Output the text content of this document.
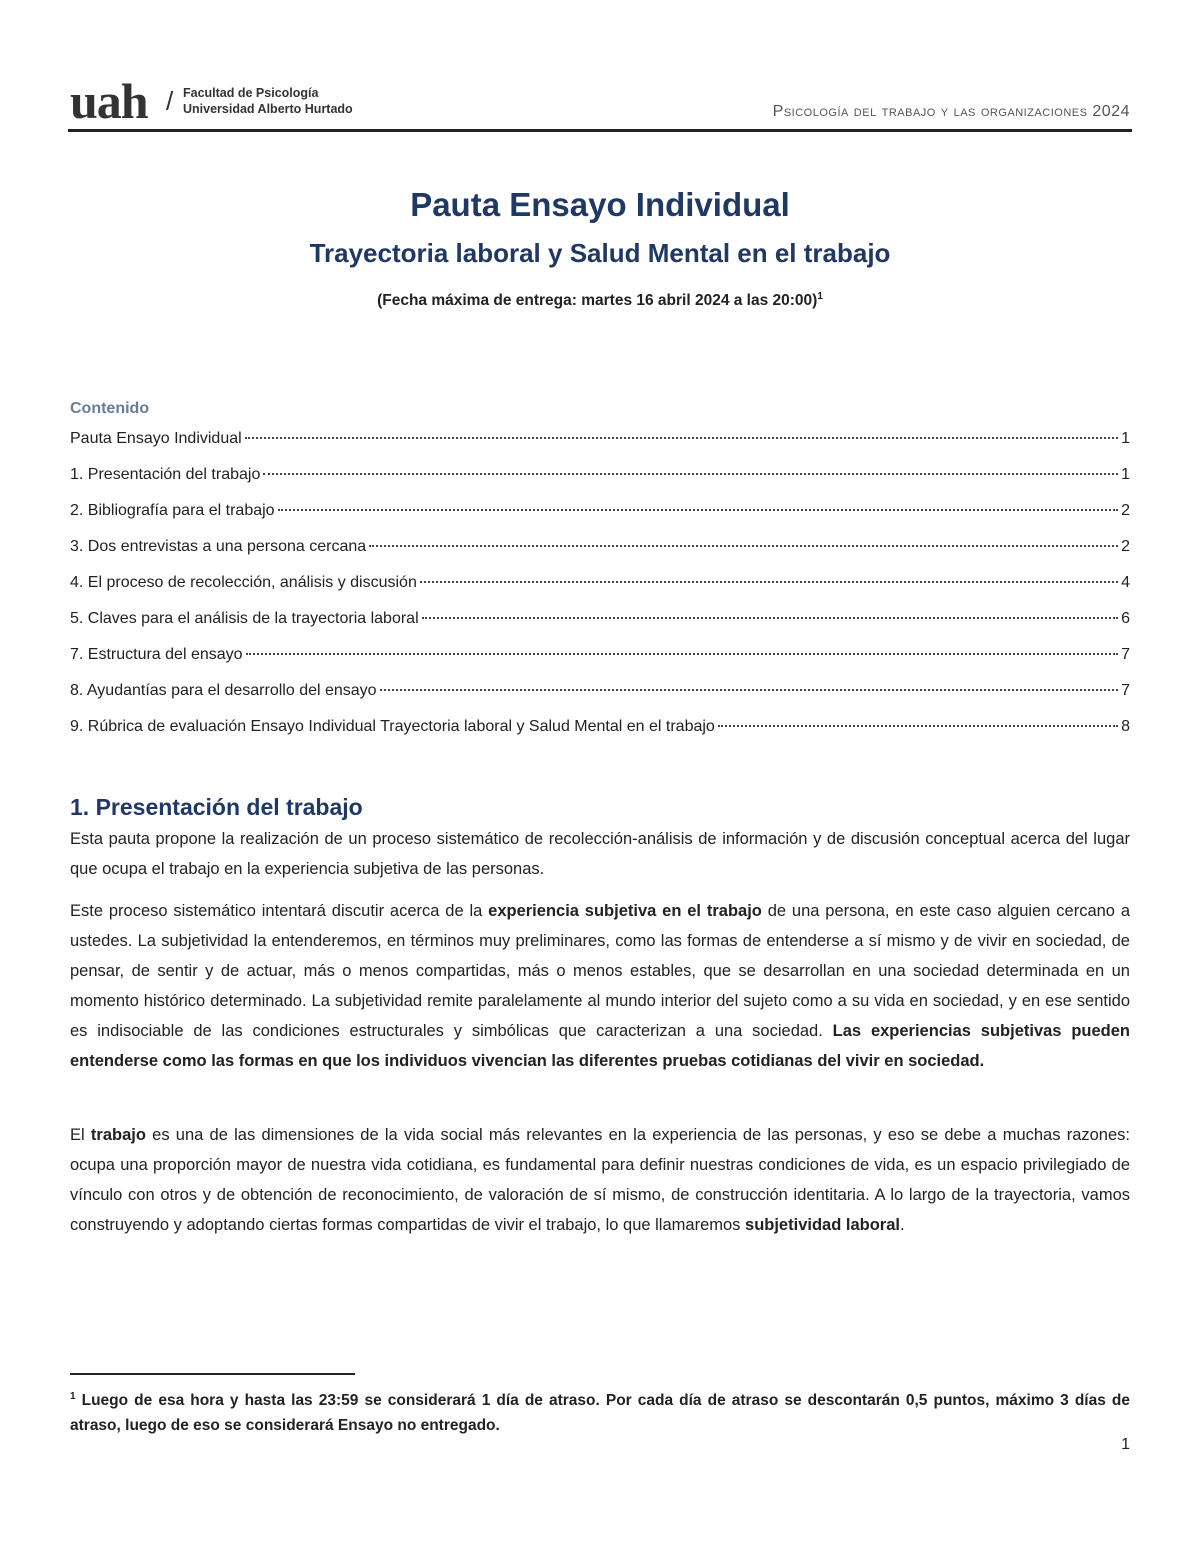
uah / Facultad de Psicología
Universidad Alberto Hurtado	Psicología del trabajo y las organizaciones 2024
Pauta Ensayo Individual
Trayectoria laboral y Salud Mental en el trabajo
(Fecha máxima de entrega: martes 16 abril 2024 a las 20:00)$^1$
Contenido
Pauta Ensayo Individual	1
1. Presentación del trabajo	1
2. Bibliografía para el trabajo	2
3. Dos entrevistas a una persona cercana	2
4. El proceso de recolección, análisis y discusión	4
5. Claves para el análisis de la trayectoria laboral	6
7. Estructura del ensayo	7
8. Ayudantías para el desarrollo del ensayo	7
9. Rúbrica de evaluación Ensayo Individual Trayectoria laboral y Salud Mental en el trabajo	8
1. Presentación del trabajo
Esta pauta propone la realización de un proceso sistemático de recolección-análisis de información y de discusión conceptual acerca del lugar que ocupa el trabajo en la experiencia subjetiva de las personas.
Este proceso sistemático intentará discutir acerca de la experiencia subjetiva en el trabajo de una persona, en este caso alguien cercano a ustedes. La subjetividad la entenderemos, en términos muy preliminares, como las formas de entenderse a sí mismo y de vivir en sociedad, de pensar, de sentir y de actuar, más o menos compartidas, más o menos estables, que se desarrollan en una sociedad determinada en un momento histórico determinado. La subjetividad remite paralelamente al mundo interior del sujeto como a su vida en sociedad, y en ese sentido es indisociable de las condiciones estructurales y simbólicas que caracterizan a una sociedad. Las experiencias subjetivas pueden entenderse como las formas en que los individuos vivencian las diferentes pruebas cotidianas del vivir en sociedad.
El trabajo es una de las dimensiones de la vida social más relevantes en la experiencia de las personas, y eso se debe a muchas razones: ocupa una proporción mayor de nuestra vida cotidiana, es fundamental para definir nuestras condiciones de vida, es un espacio privilegiado de vínculo con otros y de obtención de reconocimiento, de valoración de sí mismo, de construcción identitaria. A lo largo de la trayectoria, vamos construyendo y adoptando ciertas formas compartidas de vivir el trabajo, lo que llamaremos subjetividad laboral.
$^1$ Luego de esa hora y hasta las 23:59 se considerará 1 día de atraso. Por cada día de atraso se descontarán 0,5 puntos, máximo 3 días de atraso, luego de eso se considerará Ensayo no entregado.
1
